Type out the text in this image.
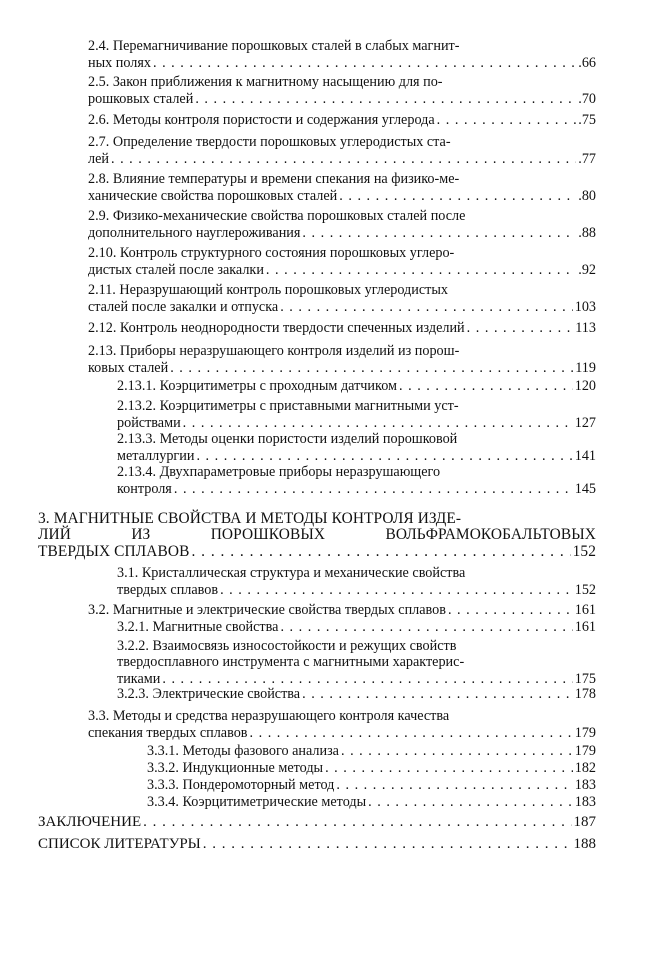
2.4. Перемагничивание порошковых сталей в слабых магнит-
ных полях . . .	.66
2.5. Закон приближения к магнитному насыщению для по-
рошковых сталей . . .	.70
2.6. Методы контроля пористости и содержания углерода . . .	.75
2.7. Определение твердости порошковых углеродистых ста-
лей . . .	.77
2.8. Влияние температуры и времени спекания на физико-ме-
ханические свойства порошковых сталей . . .	.80
2.9. Физико-механические свойства порошковых сталей после
дополнительного науглероживания . . .	.88
2.10. Контроль структурного состояния порошковых углеро-
дистых сталей после закалки . . .	.92
2.11. Неразрушающий контроль порошковых углеродистых
сталей после закалки и отпуска . . .	103
2.12. Контроль неоднородности твердости спеченных изделий . . .	113
2.13. Приборы неразрушающего контроля изделий из порош-
ковых сталей . . .	119
2.13.1. Коэрцитиметры с проходным датчиком . . .	120
2.13.2. Коэрцитиметры с приставными магнитными уст-
ройствами . . .	127
2.13.3. Методы оценки пористости изделий порошковой
металлургии . . .	141
2.13.4. Двухпараметровые приборы неразрушающего
контроля . . .	145
3. МАГНИТНЫЕ СВОЙСТВА И МЕТОДЫ КОНТРОЛЯ ИЗДЕ-
ЛИЙ	ИЗ	ПОРОШКОВЫХ	ВОЛЬФРАМОКОБАЛЬТОВЫХ
ТВЕРДЫХ СПЛАВОВ . . .	152
3.1. Кристаллическая структура и механические свойства
твердых сплавов . . .	152
3.2. Магнитные и электрические свойства твердых сплавов . . .	161
3.2.1. Магнитные свойства . . .	161
3.2.2. Взаимосвязь износостойкости и режущих свойств
твердосплавного инструмента с магнитными характерис-
тиками . . .	175
3.2.3. Электрические свойства . . .	178
3.3. Методы и средства неразрушающего контроля качества
спекания твердых сплавов . . .	179
3.3.1. Методы фазового анализа . . .	179
3.3.2. Индукционные методы . . .	182
3.3.3. Пондеромоторный метод . . .	183
3.3.4. Коэрцитиметрические методы . . .	183
ЗАКЛЮЧЕНИЕ . . .	187
СПИСОК ЛИТЕРАТУРЫ . . .	188
